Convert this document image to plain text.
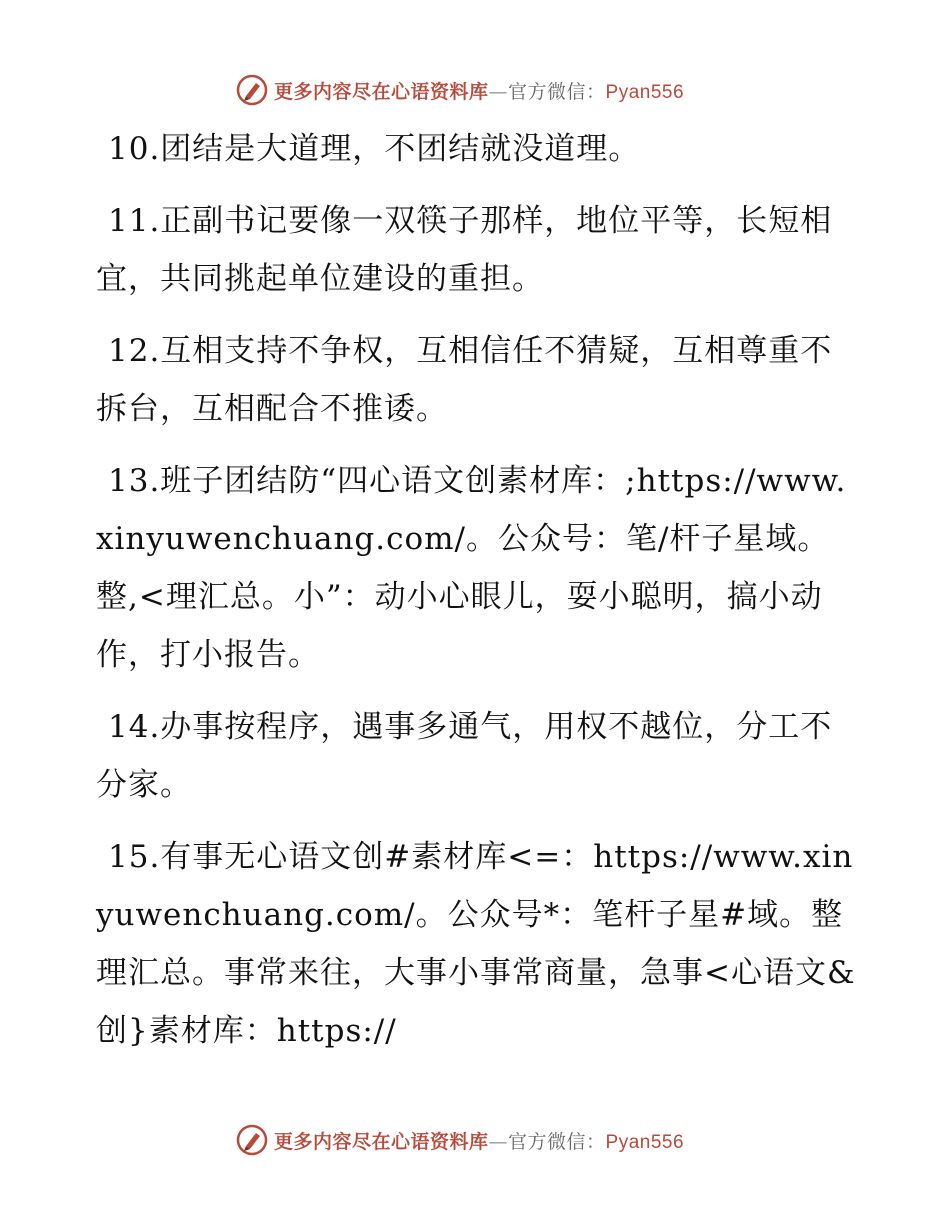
更多内容尽在心语资料库—官方微信：Pyan556

10.团结是大道理，不团结就没道理。

11.正副书记要像一双筷子那样，地位平等，长短相宜，共同挑起单位建设的重担。

12.互相支持不争权，互相信任不猜疑，互相尊重不拆台，互相配合不推诿。

13.班子团结防“四心语文创素材库：;https://www.xinyuwenchuang.com/。公众号：笔/杆子星域。整,<理汇总。小”：动小心眼儿，耍小聪明，搞小动作，打小报告。

14.办事按程序，遇事多通气，用权不越位，分工不分家。

15.有事无心语文创#素材库<=：https://www.xinyuwenchuang.com/。公众号*：笔杆子星#域。整理汇总。事常来往，大事小事常商量，急事<心语文&创}素材库：https://

更多内容尽在心语资料库—官方微信：Pyan556
